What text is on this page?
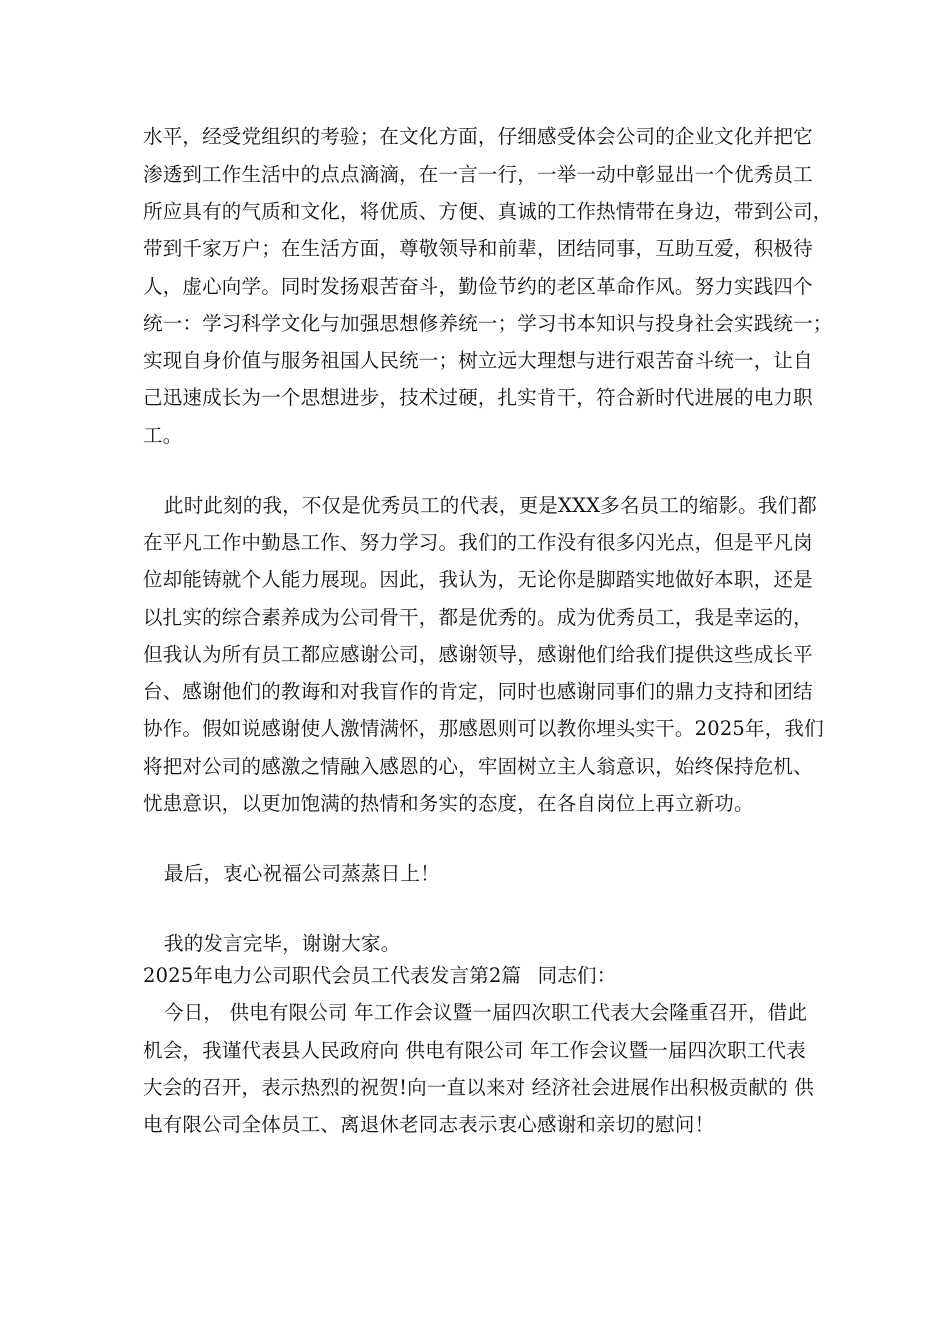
水平，经受党组织的考验；在文化方面，仔细感受体会公司的企业文化并把它
渗透到工作生活中的点点滴滴，在一言一行，一举一动中彰显出一个优秀员工
所应具有的气质和文化，将优质、方便、真诚的工作热情带在身边，带到公司，
带到千家万户；在生活方面，尊敬领导和前辈，团结同事，互助互爱，积极待
人，虚心向学。同时发扬艰苦奋斗，勤俭节约的老区革命作风。努力实践四个
统一：学习科学文化与加强思想修养统一；学习书本知识与投身社会实践统一；
实现自身价值与服务祖国人民统一；树立远大理想与进行艰苦奋斗统一，让自
己迅速成长为一个思想进步，技术过硬，扎实肯干，符合新时代进展的电力职
工。
此时此刻的我，不仅是优秀员工的代表，更是XXX多名员工的缩影。我们都
在平凡工作中勤恳工作、努力学习。我们的工作没有很多闪光点，但是平凡岗
位却能铸就个人能力展现。因此，我认为，无论你是脚踏实地做好本职，还是
以扎实的综合素养成为公司骨干，都是优秀的。成为优秀员工，我是幸运的，
但我认为所有员工都应感谢公司，感谢领导，感谢他们给我们提供这些成长平
台、感谢他们的教诲和对我盲作的肯定，同时也感谢同事们的鼎力支持和团结
协作。假如说感谢使人激情满怀，那感恩则可以教你埋头实干。2025年，我们
将把对公司的感激之情融入感恩的心，牢固树立主人翁意识，始终保持危机、
忧患意识，以更加饱满的热情和务实的态度，在各自岗位上再立新功。
最后，衷心祝福公司蒸蒸日上！
我的发言完毕，谢谢大家。
2025年电力公司职代会员工代表发言第2篇 同志们：
今日， 供电有限公司 年工作会议暨一届四次职工代表大会隆重召开，借此
机会，我谨代表县人民政府向 供电有限公司 年工作会议暨一届四次职工代表
大会的召开，表示热烈的祝贺!向一直以来对 经济社会进展作出积极贡献的 供
电有限公司全体员工、离退休老同志表示衷心感谢和亲切的慰问！
